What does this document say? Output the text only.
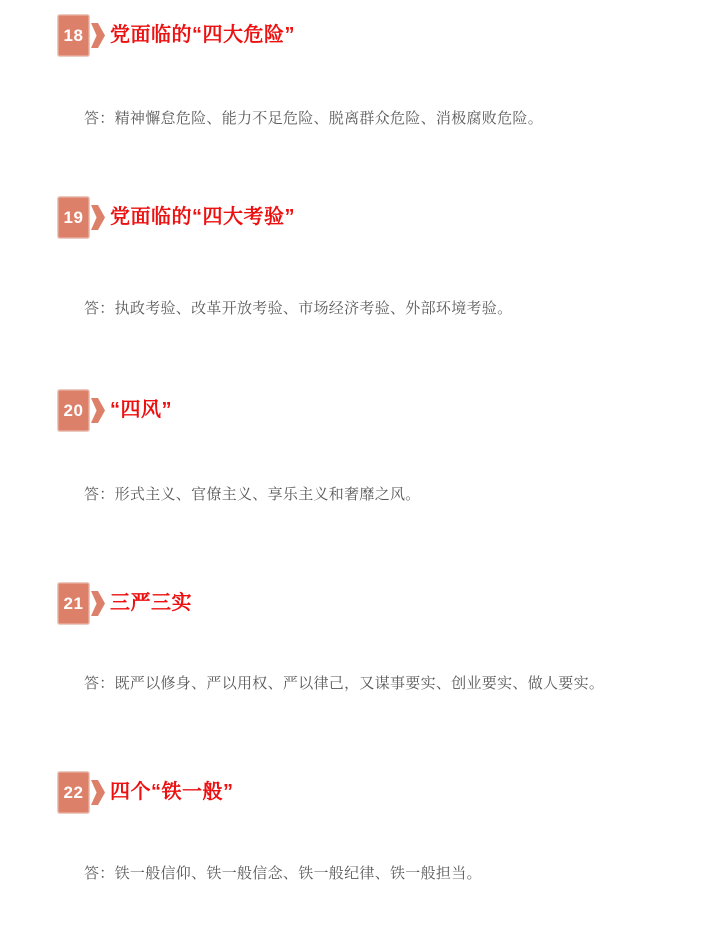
18 党面临的“四大危险”

答：精神懈怠危险、能力不足危险、脱离群众危险、消极腐败危险。

19 党面临的“四大考验”

答：执政考验、改革开放考验、市场经济考验、外部环境考验。

20 “四风”

答：形式主义、官僚主义、享乐主义和奢靡之风。

21 三严三实

答：既严以修身、严以用权、严以律己，又谋事要实、创业要实、做人要实。

22 四个“铁一般”

答：铁一般信仰、铁一般信念、铁一般纪律、铁一般担当。
